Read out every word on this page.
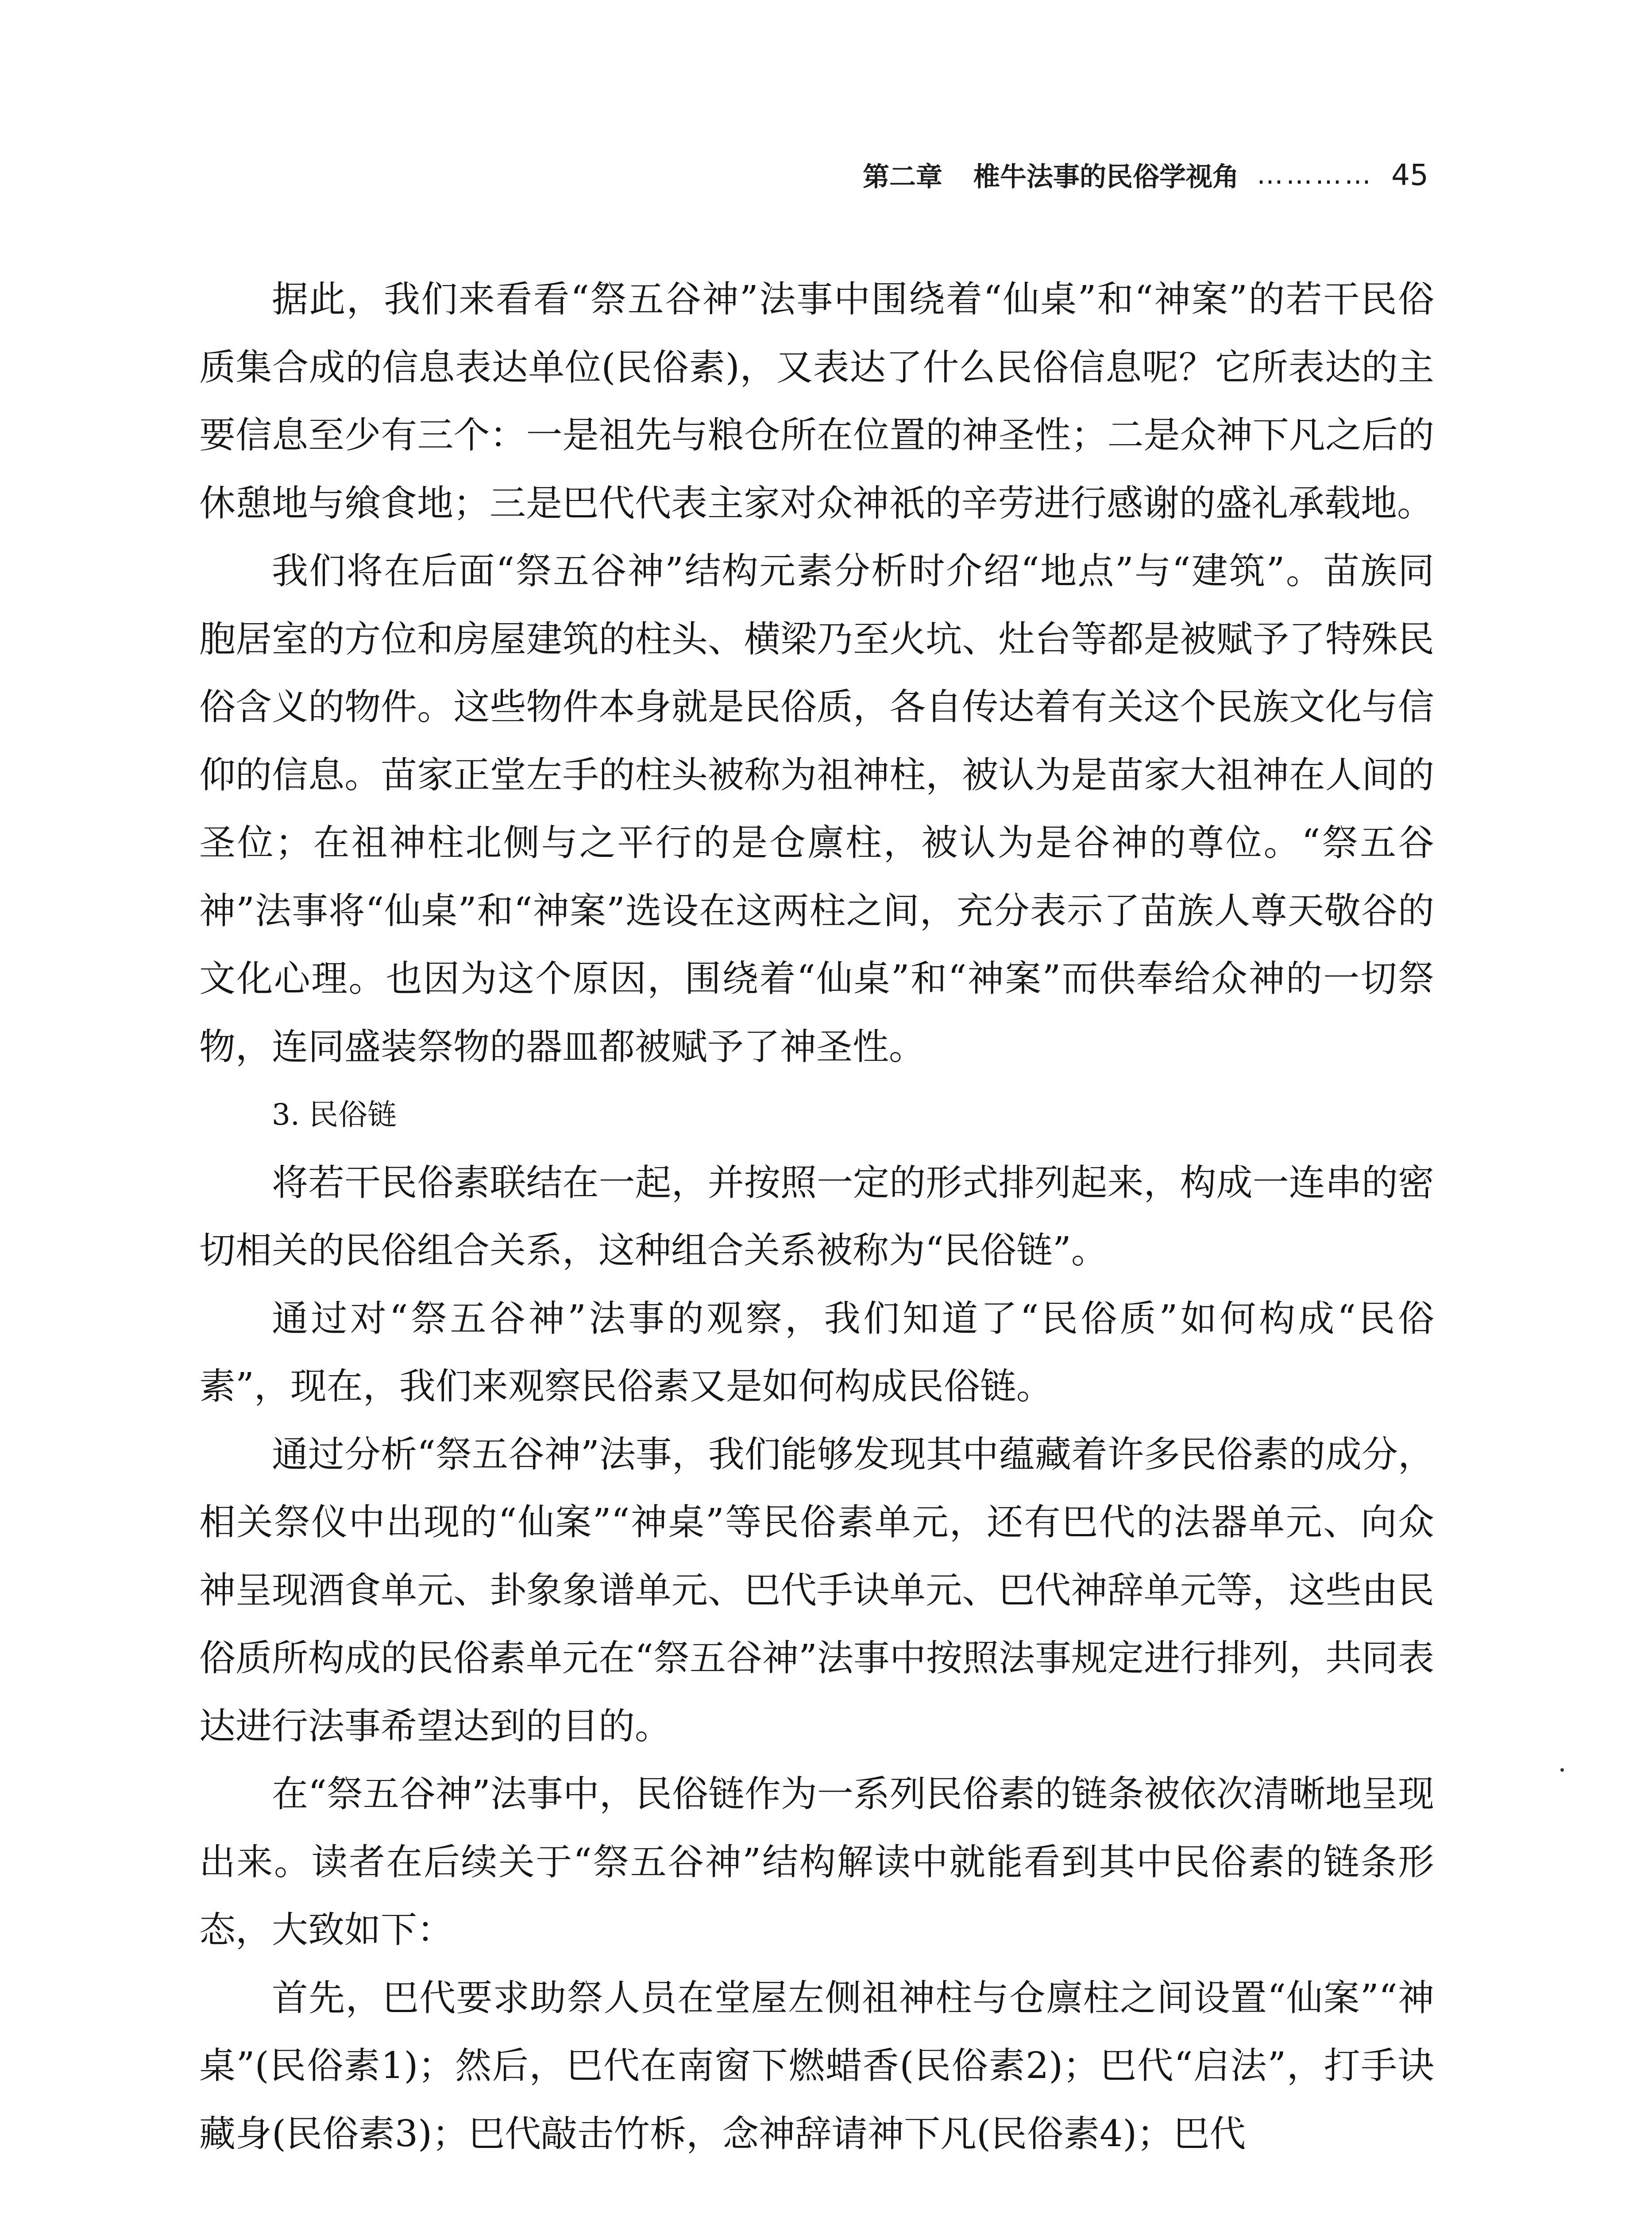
第二章 椎牛法事的民俗学视角 ………… 45

据此，我们来看看“祭五谷神”法事中围绕着“仙桌”和“神案”的若干民俗质集合成的信息表达单位(民俗素)，又表达了什么民俗信息呢？它所表达的主要信息至少有三个：一是祖先与粮仓所在位置的神圣性；二是众神下凡之后的休憩地与飨食地；三是巴代代表主家对众神祇的辛劳进行感谢的盛礼承载地。

我们将在后面“祭五谷神”结构元素分析时介绍“地点”与“建筑”。苗族同胞居室的方位和房屋建筑的柱头、横梁乃至火坑、灶台等都是被赋予了特殊民俗含义的物件。这些物件本身就是民俗质，各自传达着有关这个民族文化与信仰的信息。苗家正堂左手的柱头被称为祖神柱，被认为是苗家大祖神在人间的圣位；在祖神柱北侧与之平行的是仓廪柱，被认为是谷神的尊位。“祭五谷神”法事将“仙桌”和“神案”选设在这两柱之间，充分表示了苗族人尊天敬谷的文化心理。也因为这个原因，围绕着“仙桌”和“神案”而供奉给众神的一切祭物，连同盛装祭物的器皿都被赋予了神圣性。

3. 民俗链

将若干民俗素联结在一起，并按照一定的形式排列起来，构成一连串的密切相关的民俗组合关系，这种组合关系被称为“民俗链”。

通过对“祭五谷神”法事的观察，我们知道了“民俗质”如何构成“民俗素”，现在，我们来观察民俗素又是如何构成民俗链。

通过分析“祭五谷神”法事，我们能够发现其中蕴藏着许多民俗素的成分，相关祭仪中出现的“仙案”“神桌”等民俗素单元，还有巴代的法器单元、向众神呈现酒食单元、卦象象谱单元、巴代手诀单元、巴代神辞单元等，这些由民俗质所构成的民俗素单元在“祭五谷神”法事中按照法事规定进行排列，共同表达进行法事希望达到的目的。

在“祭五谷神”法事中，民俗链作为一系列民俗素的链条被依次清晰地呈现出来。读者在后续关于“祭五谷神”结构解读中就能看到其中民俗素的链条形态，大致如下：

首先，巴代要求助祭人员在堂屋左侧祖神柱与仓廪柱之间设置“仙案”“神桌”(民俗素1)；然后，巴代在南窗下燃蜡香(民俗素2)；巴代“启法”，打手诀藏身(民俗素3)；巴代敲击竹柝，念神辞请神下凡(民俗素4)；巴代
